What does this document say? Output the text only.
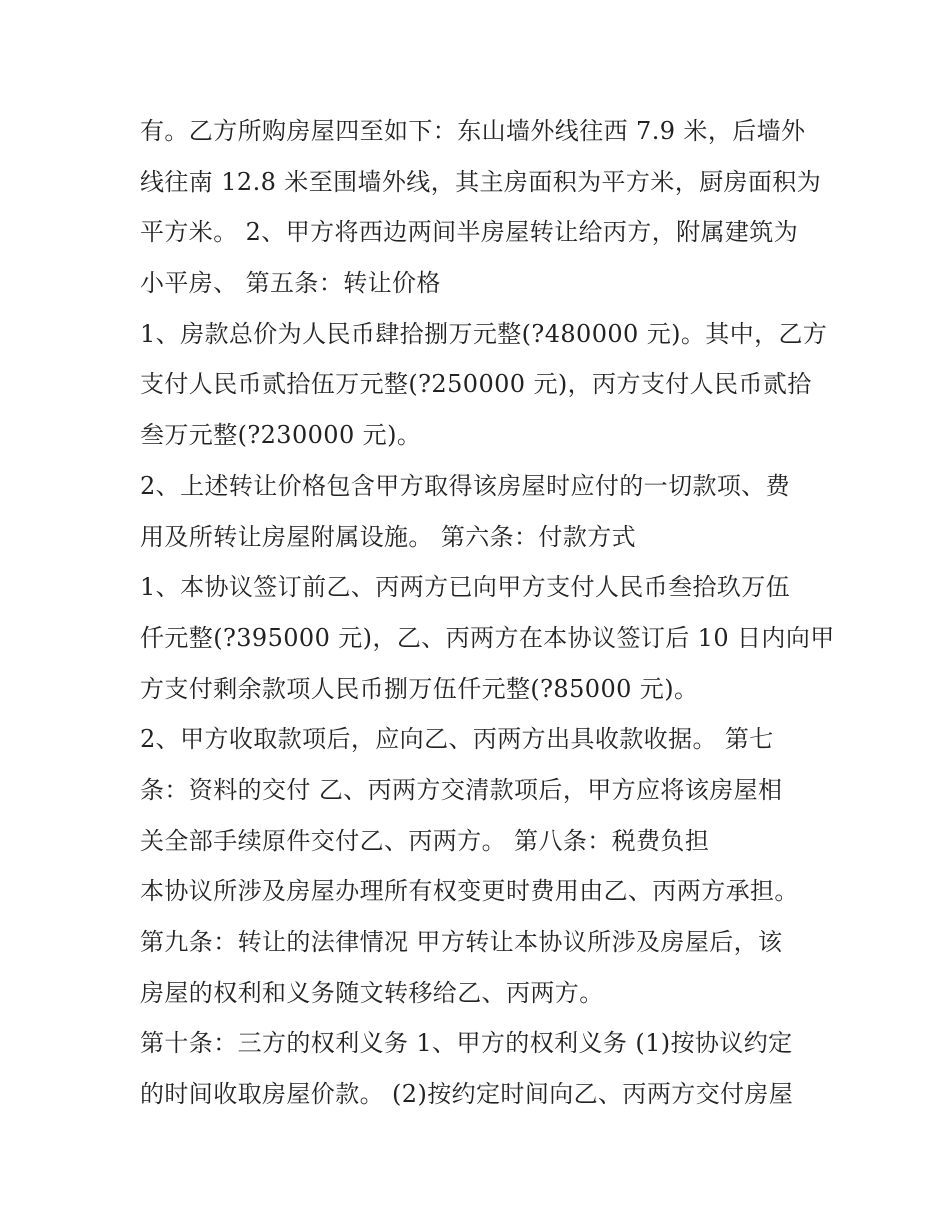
有。乙方所购房屋四至如下：东山墙外线往西 7.9 米，后墙外
线往南 12.8 米至围墙外线，其主房面积为平方米，厨房面积为
平方米。 2、甲方将西边两间半房屋转让给丙方，附属建筑为
小平房、 第五条：转让价格
1、房款总价为人民币肆拾捌万元整(?480000 元)。其中，乙方
支付人民币贰拾伍万元整(?250000 元)，丙方支付人民币贰拾
叁万元整(?230000 元)。
2、上述转让价格包含甲方取得该房屋时应付的一切款项、费
用及所转让房屋附属设施。 第六条：付款方式
1、本协议签订前乙、丙两方已向甲方支付人民币叁拾玖万伍
仟元整(?395000 元)，乙、丙两方在本协议签订后 10 日内向甲
方支付剩余款项人民币捌万伍仟元整(?85000 元)。
2、甲方收取款项后，应向乙、丙两方出具收款收据。 第七
条：资料的交付 乙、丙两方交清款项后，甲方应将该房屋相
关全部手续原件交付乙、丙两方。 第八条：税费负担
本协议所涉及房屋办理所有权变更时费用由乙、丙两方承担。
第九条：转让的法律情况 甲方转让本协议所涉及房屋后，该
房屋的权利和义务随文转移给乙、丙两方。
第十条：三方的权利义务 1、甲方的权利义务 (1)按协议约定
的时间收取房屋价款。 (2)按约定时间向乙、丙两方交付房屋
